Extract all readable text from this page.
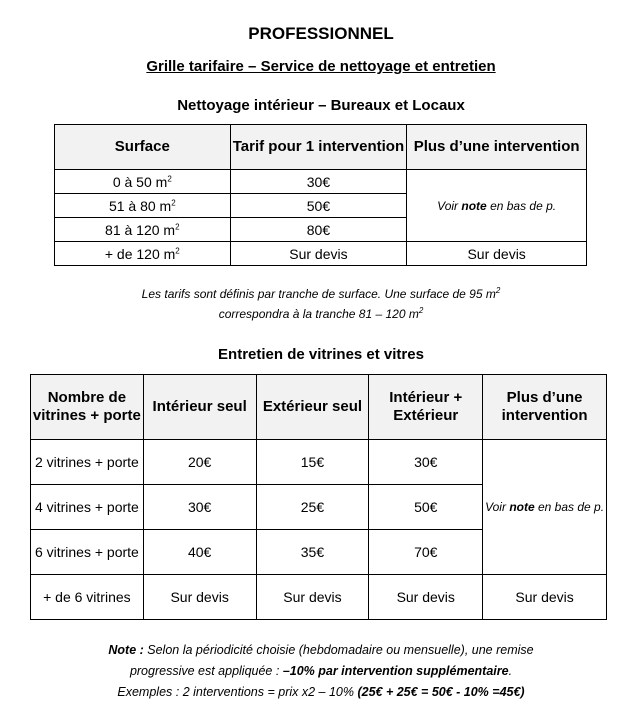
PROFESSIONNEL
Grille tarifaire – Service de nettoyage et entretien
Nettoyage intérieur – Bureaux et Locaux
Surface	Tarif pour 1 intervention	Plus d’une intervention
0 à 50 $m^2$	30€	Voir note en bas de p.
51 à 80 $m^2$	50€	
81 à 120 $m^2$	80€	
+ de 120 $m^2$	Sur devis	Sur devis
Les tarifs sont définis par tranche de surface. Une surface de 95 $m^2$
correspondra à la tranche 81 – 120 $m^2$
Entretien de vitrines et vitres
Nombre de vitrines + porte	Intérieur seul	Extérieur seul	Intérieur + Extérieur	Plus d’une intervention
2 vitrines + porte	20€	15€	30€	Voir note en bas de p.
4 vitrines + porte	30€	25€	50€	
6 vitrines + porte	40€	35€	70€	
+ de 6 vitrines	Sur devis	Sur devis	Sur devis	Sur devis
Note : Selon la périodicité choisie (hebdomadaire ou mensuelle), une remise
progressive est appliquée : –10% par intervention supplémentaire.
Exemples : 2 interventions = prix x2 – 10% (25€ + 25€ = 50€ - 10% =45€)
